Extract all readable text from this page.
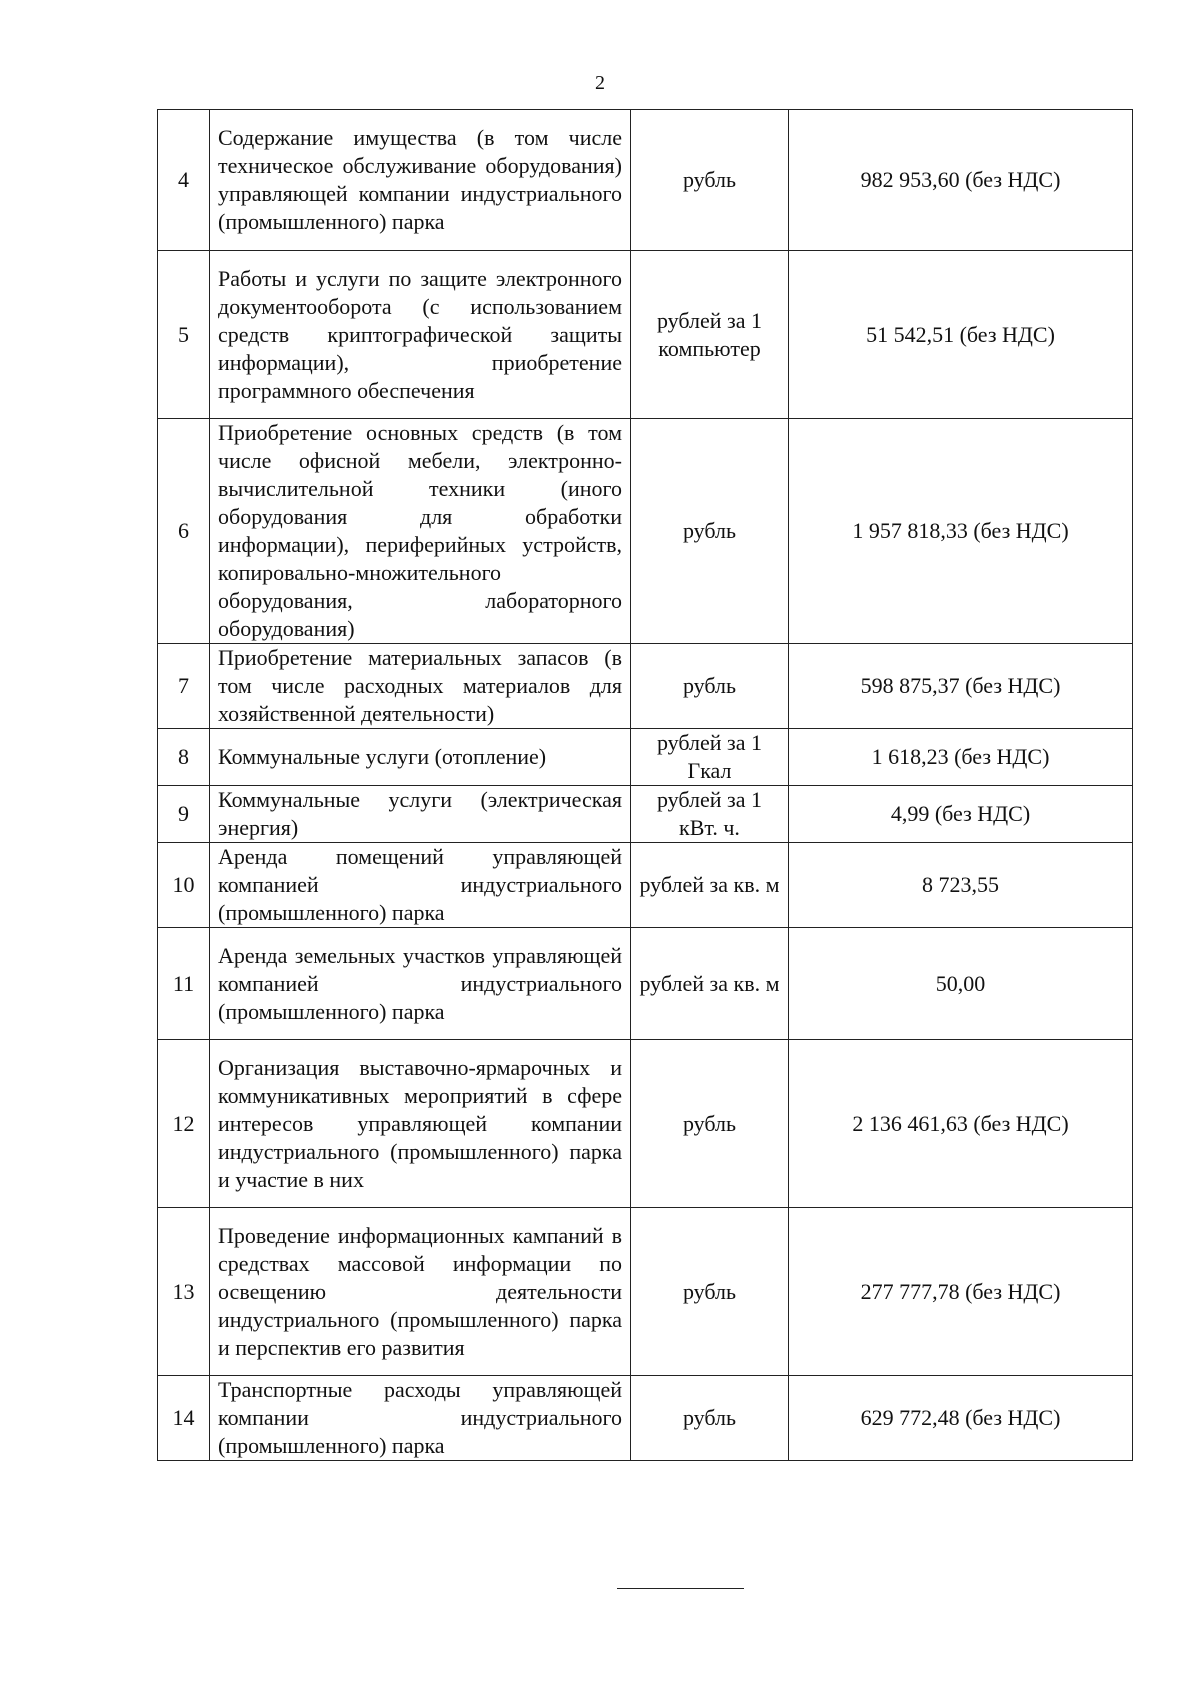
2
4	Содержание имущества (в том числе техническое обслуживание оборудования) управляющей компании индустриального (промышленного) парка	рубль	982 953,60 (без НДС)
5	Работы и услуги по защите электронного документооборота (с использованием средств криптографической защиты информации), приобретение программного обеспечения	рублей за 1 компьютер	51 542,51 (без НДС)
6	Приобретение основных средств (в том числе офисной мебели, электронно-вычислительной техники (иного оборудования для обработки информации), периферийных устройств, копировально-множительного оборудования, лабораторного оборудования)	рубль	1 957 818,33 (без НДС)
7	Приобретение материальных запасов (в том числе расходных материалов для хозяйственной деятельности)	рубль	598 875,37 (без НДС)
8	Коммунальные услуги (отопление)	рублей за 1 Гкал	1 618,23 (без НДС)
9	Коммунальные услуги (электрическая энергия)	рублей за 1 кВт. ч.	4,99 (без НДС)
10	Аренда помещений управляющей компанией индустриального (промышленного) парка	рублей за кв. м	8 723,55
11	Аренда земельных участков управляющей компанией индустриального (промышленного) парка	рублей за кв. м	50,00
12	Организация выставочно-ярмарочных и коммуникативных мероприятий в сфере интересов управляющей компании индустриального (промышленного) парка и участие в них	рубль	2 136 461,63 (без НДС)
13	Проведение информационных кампаний в средствах массовой информации по освещению деятельности индустриального (промышленного) парка и перспектив его развития	рубль	277 777,78 (без НДС)
14	Транспортные расходы управляющей компании индустриального (промышленного) парка	рубль	629 772,48 (без НДС)
